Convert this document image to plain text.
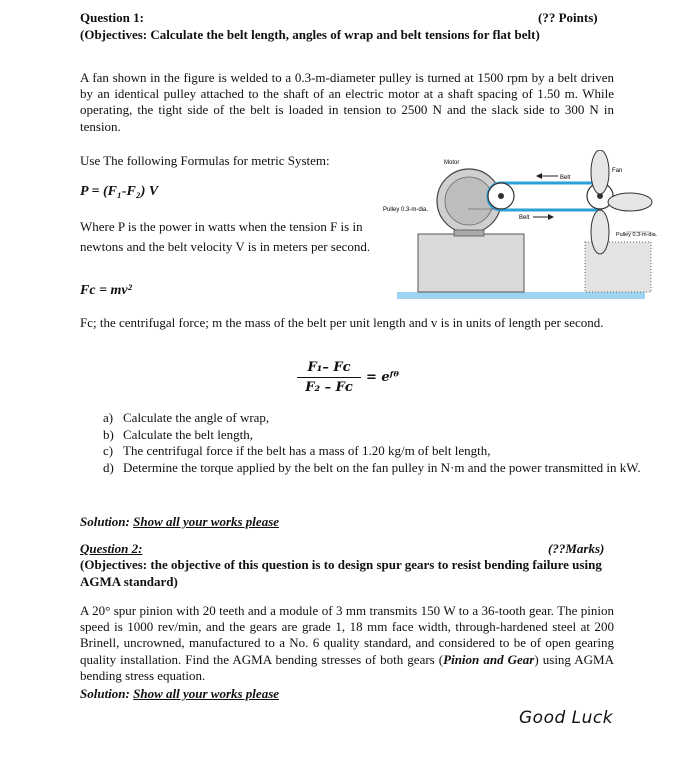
Question 1:	(?? Points)
(Objectives: Calculate the belt length, angles of wrap and belt tensions for flat belt)
A fan shown in the figure is welded to a 0.3-m-diameter pulley is turned at 1500 rpm by a belt driven by an identical pulley attached to the shaft of an electric motor at a shaft spacing of 1.50 m. While operating, the tight side of the belt is loaded in tension to 2500 N and the slack side to 300 N in tension.
Use The following Formulas for metric System:
P = (F₁-F₂) V
Where P is the power in watts when the tension F is in newtons and the belt velocity V is in meters per second.
Fc = mv²
Fc; the centrifugal force; m the mass of the belt per unit length and v is in units of length per second.
F₁– Fᴄ
F₂ – Fᴄ
= eᶠᶿ
Motor
Belt
Fan
Pulley 0.3-m-dia.
Belt
Pulley 0.3-m-dia.
a) Calculate the angle of wrap,
b) Calculate the belt length,
c) The centrifugal force if the belt has a mass of 1.20 kg/m of belt length,
d) Determine the torque applied by the belt on the fan pulley in N·m and the power transmitted in kW.
Solution: Show all your works please
Question 2:	(??Marks)
(Objectives: the objective of this question is to design spur gears to resist bending failure using AGMA standard)
A 20° spur pinion with 20 teeth and a module of 3 mm transmits 150 W to a 36-tooth gear. The pinion speed is 1000 rev/min, and the gears are grade 1, 18 mm face width, through-hardened steel at 200 Brinell, uncrowned, manufactured to a No. 6 quality standard, and considered to be of open gearing quality installation. Find the AGMA bending stresses of both gears (Pinion and Gear) using AGMA bending stress equation.
Solution: Show all your works please
Good Luck
